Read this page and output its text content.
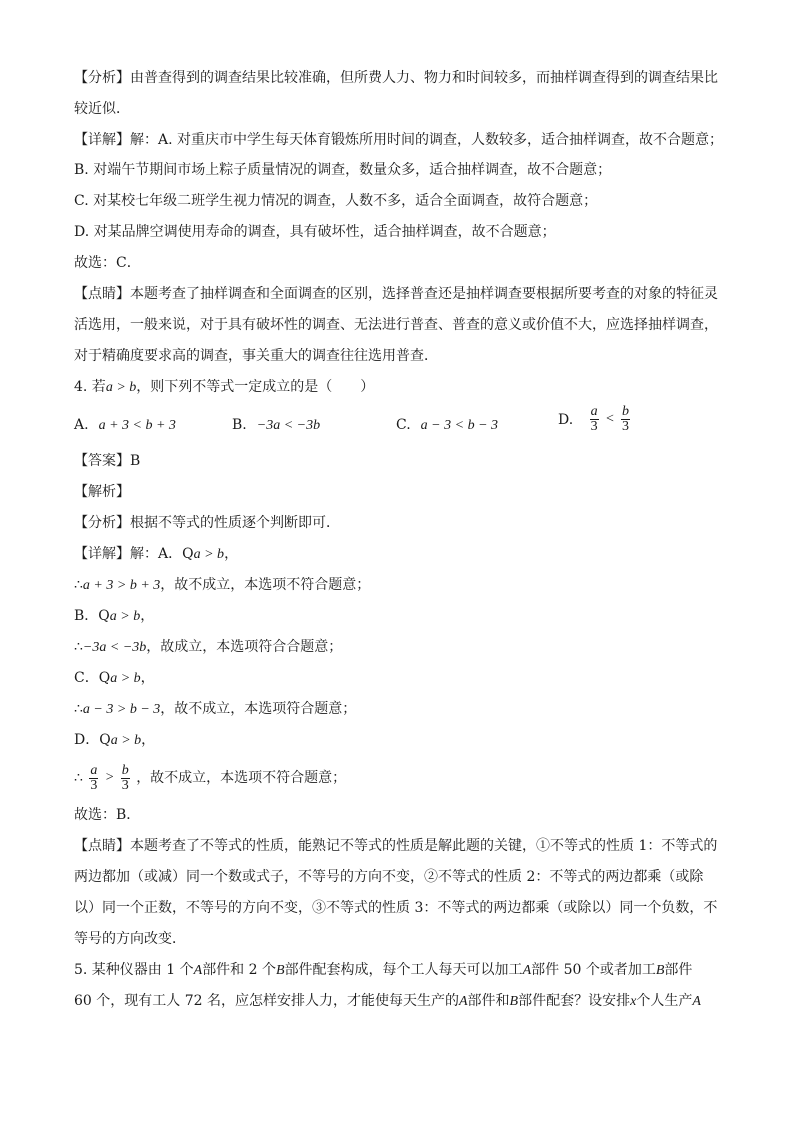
【分析】由普查得到的调查结果比较准确，但所费人力、物力和时间较多，而抽样调查得到的调查结果比
较近似．
【详解】解：A. 对重庆市中学生每天体育锻炼所用时间的调查，人数较多，适合抽样调查，故不合题意；
B. 对端午节期间市场上粽子质量情况的调查，数量众多，适合抽样调查，故不合题意；
C. 对某校七年级二班学生视力情况的调查，人数不多，适合全面调查，故符合题意；
D. 对某品牌空调使用寿命的调查，具有破坏性，适合抽样调查，故不合题意；
故选：C．
【点睛】本题考查了抽样调查和全面调查的区别，选择普查还是抽样调查要根据所要考查的对象的特征灵
活选用，一般来说，对于具有破坏性的调查、无法进行普查、普查的意义或价值不大，应选择抽样调查，
对于精确度要求高的调查，事关重大的调查往往选用普查．
4. 若a > b，则下列不等式一定成立的是（　　）
A. a + 3 < b + 3	B. −3a < −3b	C. a − 3 < b − 3	D. $\frac{a}{3} < \frac{b}{3}$
【答案】B
【解析】
【分析】根据不等式的性质逐个判断即可．
【详解】解：A．Qa > b，
∴a + 3 > b + 3，故不成立，本选项不符合题意；
B．Qa > b，
∴−3a < −3b，故成立，本选项符合合题意；
C．Qa > b，
∴a − 3 > b − 3，故不成立，本选项符合题意；
D．Qa > b，
∴ $\frac{a}{3} > \frac{b}{3}$ ，故不成立，本选项不符合题意；
故选：B．
【点睛】本题考查了不等式的性质，能熟记不等式的性质是解此题的关键，①不等式的性质 1：不等式的
两边都加（或减）同一个数或式子，不等号的方向不变，②不等式的性质 2：不等式的两边都乘（或除
以）同一个正数，不等号的方向不变，③不等式的性质 3：不等式的两边都乘（或除以）同一个负数，不
等号的方向改变．
5. 某种仪器由 1 个A部件和 2 个B部件配套构成，每个工人每天可以加工A部件 50 个或者加工B部件
60 个，现有工人 72 名，应怎样安排人力，才能使每天生产的A部件和B部件配套？设安排x个人生产A
